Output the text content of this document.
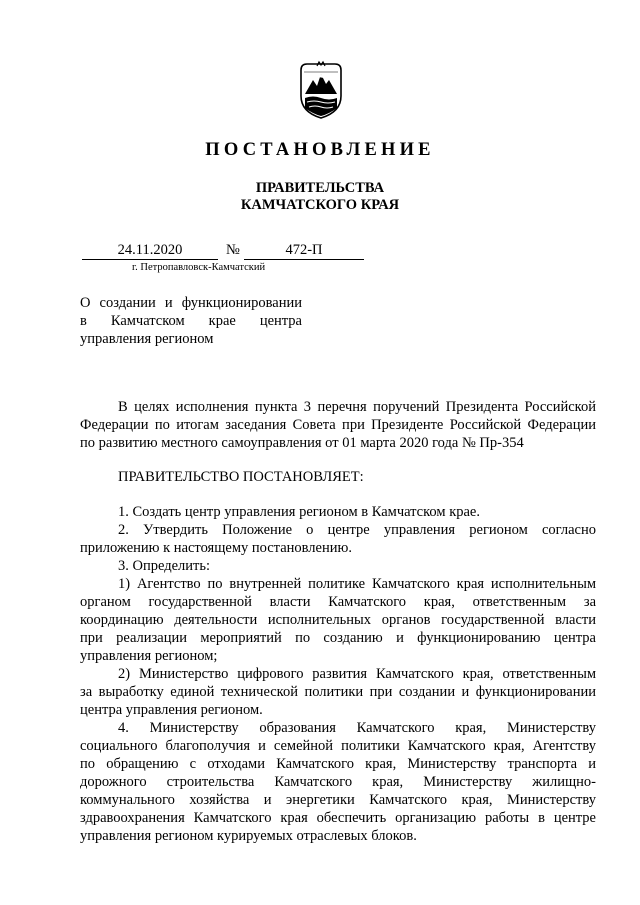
ПОСТАНОВЛЕНИЕ
ПРАВИТЕЛЬСТВА
КАМЧАТСКОГО КРАЯ
24.11.2020	№	472-П
г. Петропавловск-Камчатский
О создании и функционировании
в Камчатском крае центра
управления регионом
В целях исполнения пункта 3 перечня поручений Президента Российской
Федерации по итогам заседания Совета при Президенте Российской Федерации
по развитию местного самоуправления от 01 марта 2020 года № Пр-354
ПРАВИТЕЛЬСТВО ПОСТАНОВЛЯЕТ:
1. Создать центр управления регионом в Камчатском крае.
2. Утвердить Положение о центре управления регионом согласно
приложению к настоящему постановлению.
3. Определить:
1) Агентство по внутренней политике Камчатского края исполнительным
органом государственной власти Камчатского края, ответственным за
координацию деятельности исполнительных органов государственной власти
при реализации мероприятий по созданию и функционированию центра
управления регионом;
2) Министерство цифрового развития Камчатского края, ответственным
за выработку единой технической политики при создании и функционировании
центра управления регионом.
4. Министерству образования Камчатского края, Министерству
социального благополучия и семейной политики Камчатского края, Агентству
по обращению с отходами Камчатского края, Министерству транспорта и
дорожного строительства Камчатского края, Министерству жилищно-
коммунального хозяйства и энергетики Камчатского края, Министерству
здравоохранения Камчатского края обеспечить организацию работы в центре
управления регионом курируемых отраслевых блоков.
